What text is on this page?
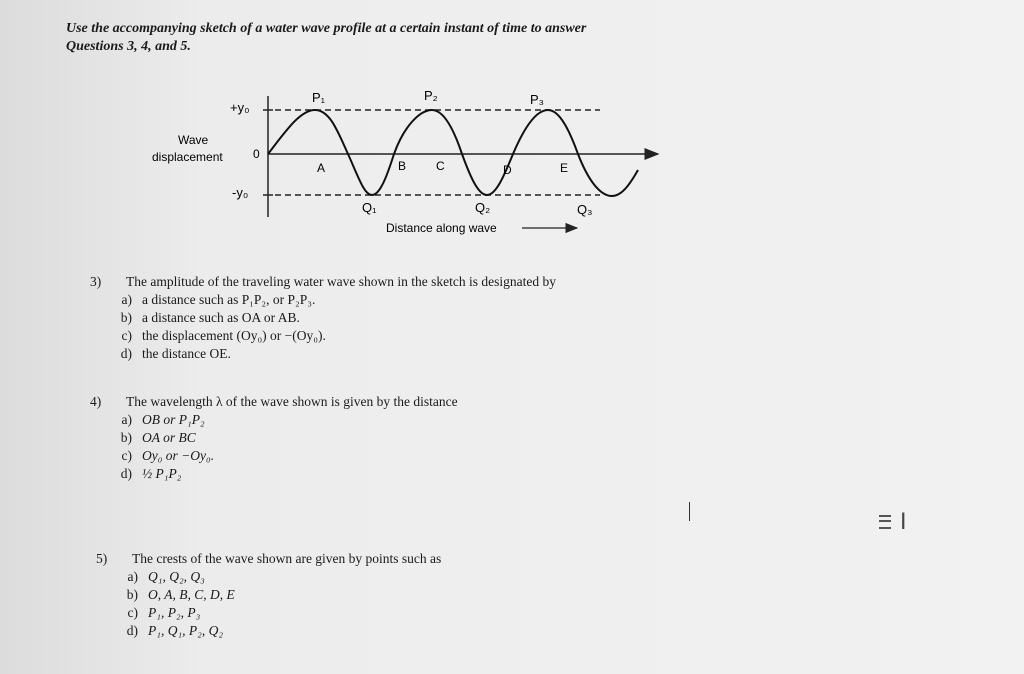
Use the accompanying sketch of a water wave profile at a certain instant of time to answer
Questions 3, 4, and 5.
+y₀
-y₀
0
Wave
displacement
P₁	P₂	P₃
A	B C	D	E
Q₁	Q₂	Q₃
Distance along wave
3)	The amplitude of the traveling water wave shown in the sketch is designated by
a) a distance such as P₁P₂, or P₂P₃.
b) a distance such as OA or AB.
c) the displacement (Oy₀) or −(Oy₀).
d) the distance OE.
4)	The wavelength λ of the wave shown is given by the distance
a) OB or P₁P₂
b) OA or BC
c) Oy₀ or −Oy₀.
d) ½ P₁P₂
5)	The crests of the wave shown are given by points such as
a) Q₁, Q₂, Q₃
b) O, A, B, C, D, E
c) P₁, P₂, P₃
d) P₁, Q₁, P₂, Q₂
I
